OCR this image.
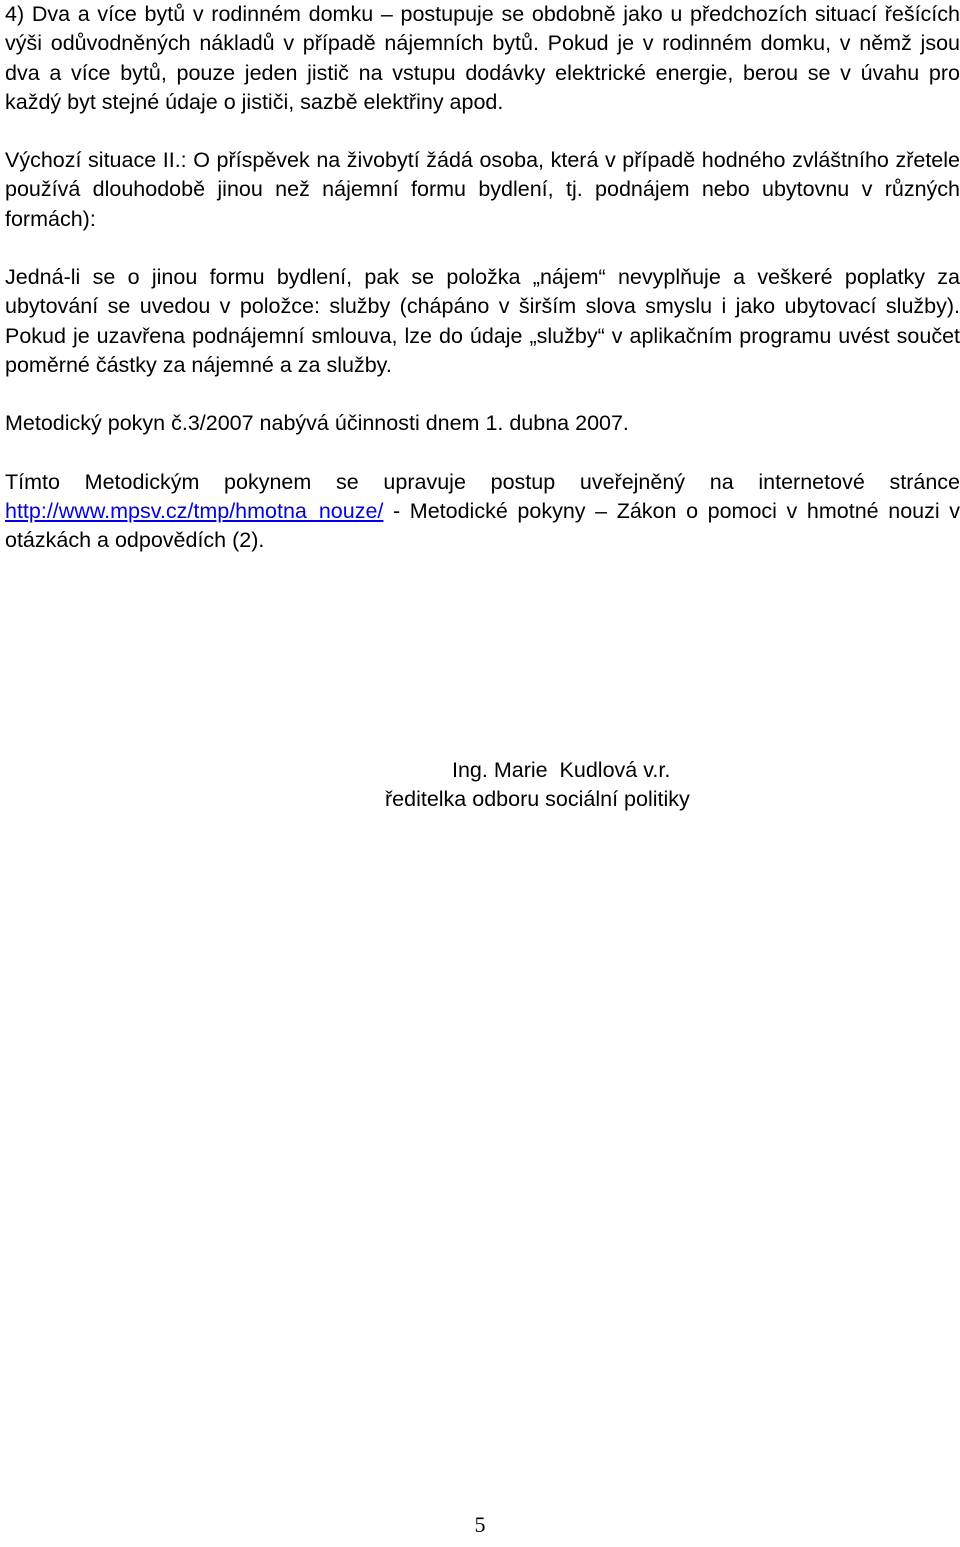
4) Dva a více bytů v rodinném domku – postupuje se obdobně jako u předchozích situací řešících výši odůvodněných nákladů v případě nájemních bytů. Pokud je v rodinném domku, v němž jsou dva a více bytů, pouze jeden jistič na vstupu dodávky elektrické energie, berou se v úvahu pro každý byt stejné údaje o jističi, sazbě elektřiny apod.

Výchozí situace II.: O příspěvek na živobytí žádá osoba, která v případě hodného zvláštního zřetele používá dlouhodobě jinou než nájemní formu bydlení, tj. podnájem nebo ubytovnu v různých formách):

Jedná-li se o jinou formu bydlení, pak se položka „nájem“ nevyplňuje a veškeré poplatky za ubytování se uvedou v položce: služby (chápáno v širším slova smyslu i jako ubytovací služby). Pokud je uzavřena podnájemní smlouva, lze do údaje „služby“ v aplikačním programu uvést součet poměrné částky za nájemné a za služby.

Metodický pokyn č.3/2007 nabývá účinnosti dnem 1. dubna 2007.

Tímto Metodickým pokynem se upravuje postup uveřejněný na internetové stránce http://www.mpsv.cz/tmp/hmotna_nouze/ - Metodické pokyny – Zákon o pomoci v hmotné nouzi v otázkách a odpovědích (2).

Ing. Marie  Kudlová v.r.
ředitelka odboru sociální politiky
5
